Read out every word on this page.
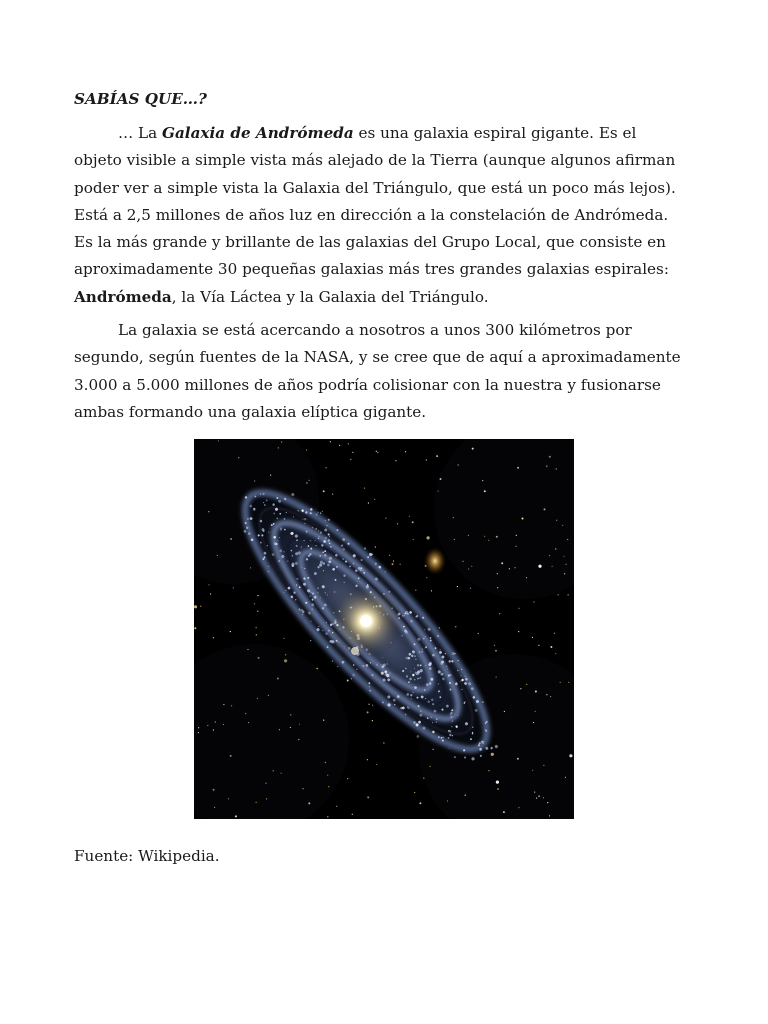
SABÍAS QUE…?

… La Galaxia de Andrómeda es una galaxia espiral gigante. Es el
objeto visible a simple vista más alejado de la Tierra (aunque algunos afirman
poder ver a simple vista la Galaxia del Triángulo, que está un poco más lejos).
Está a 2,5 millones de años luz en dirección a la constelación de Andrómeda.
Es la más grande y brillante de las galaxias del Grupo Local, que consiste en
aproximadamente 30 pequeñas galaxias más tres grandes galaxias espirales:
Andrómeda, la Vía Láctea y la Galaxia del Triángulo.

La galaxia se está acercando a nosotros a unos 300 kilómetros por
segundo, según fuentes de la NASA, y se cree que de aquí a aproximadamente
3.000 a 5.000 millones de años podría colisionar con la nuestra y fusionarse
ambas formando una galaxia elíptica gigante.

Fuente: Wikipedia.
